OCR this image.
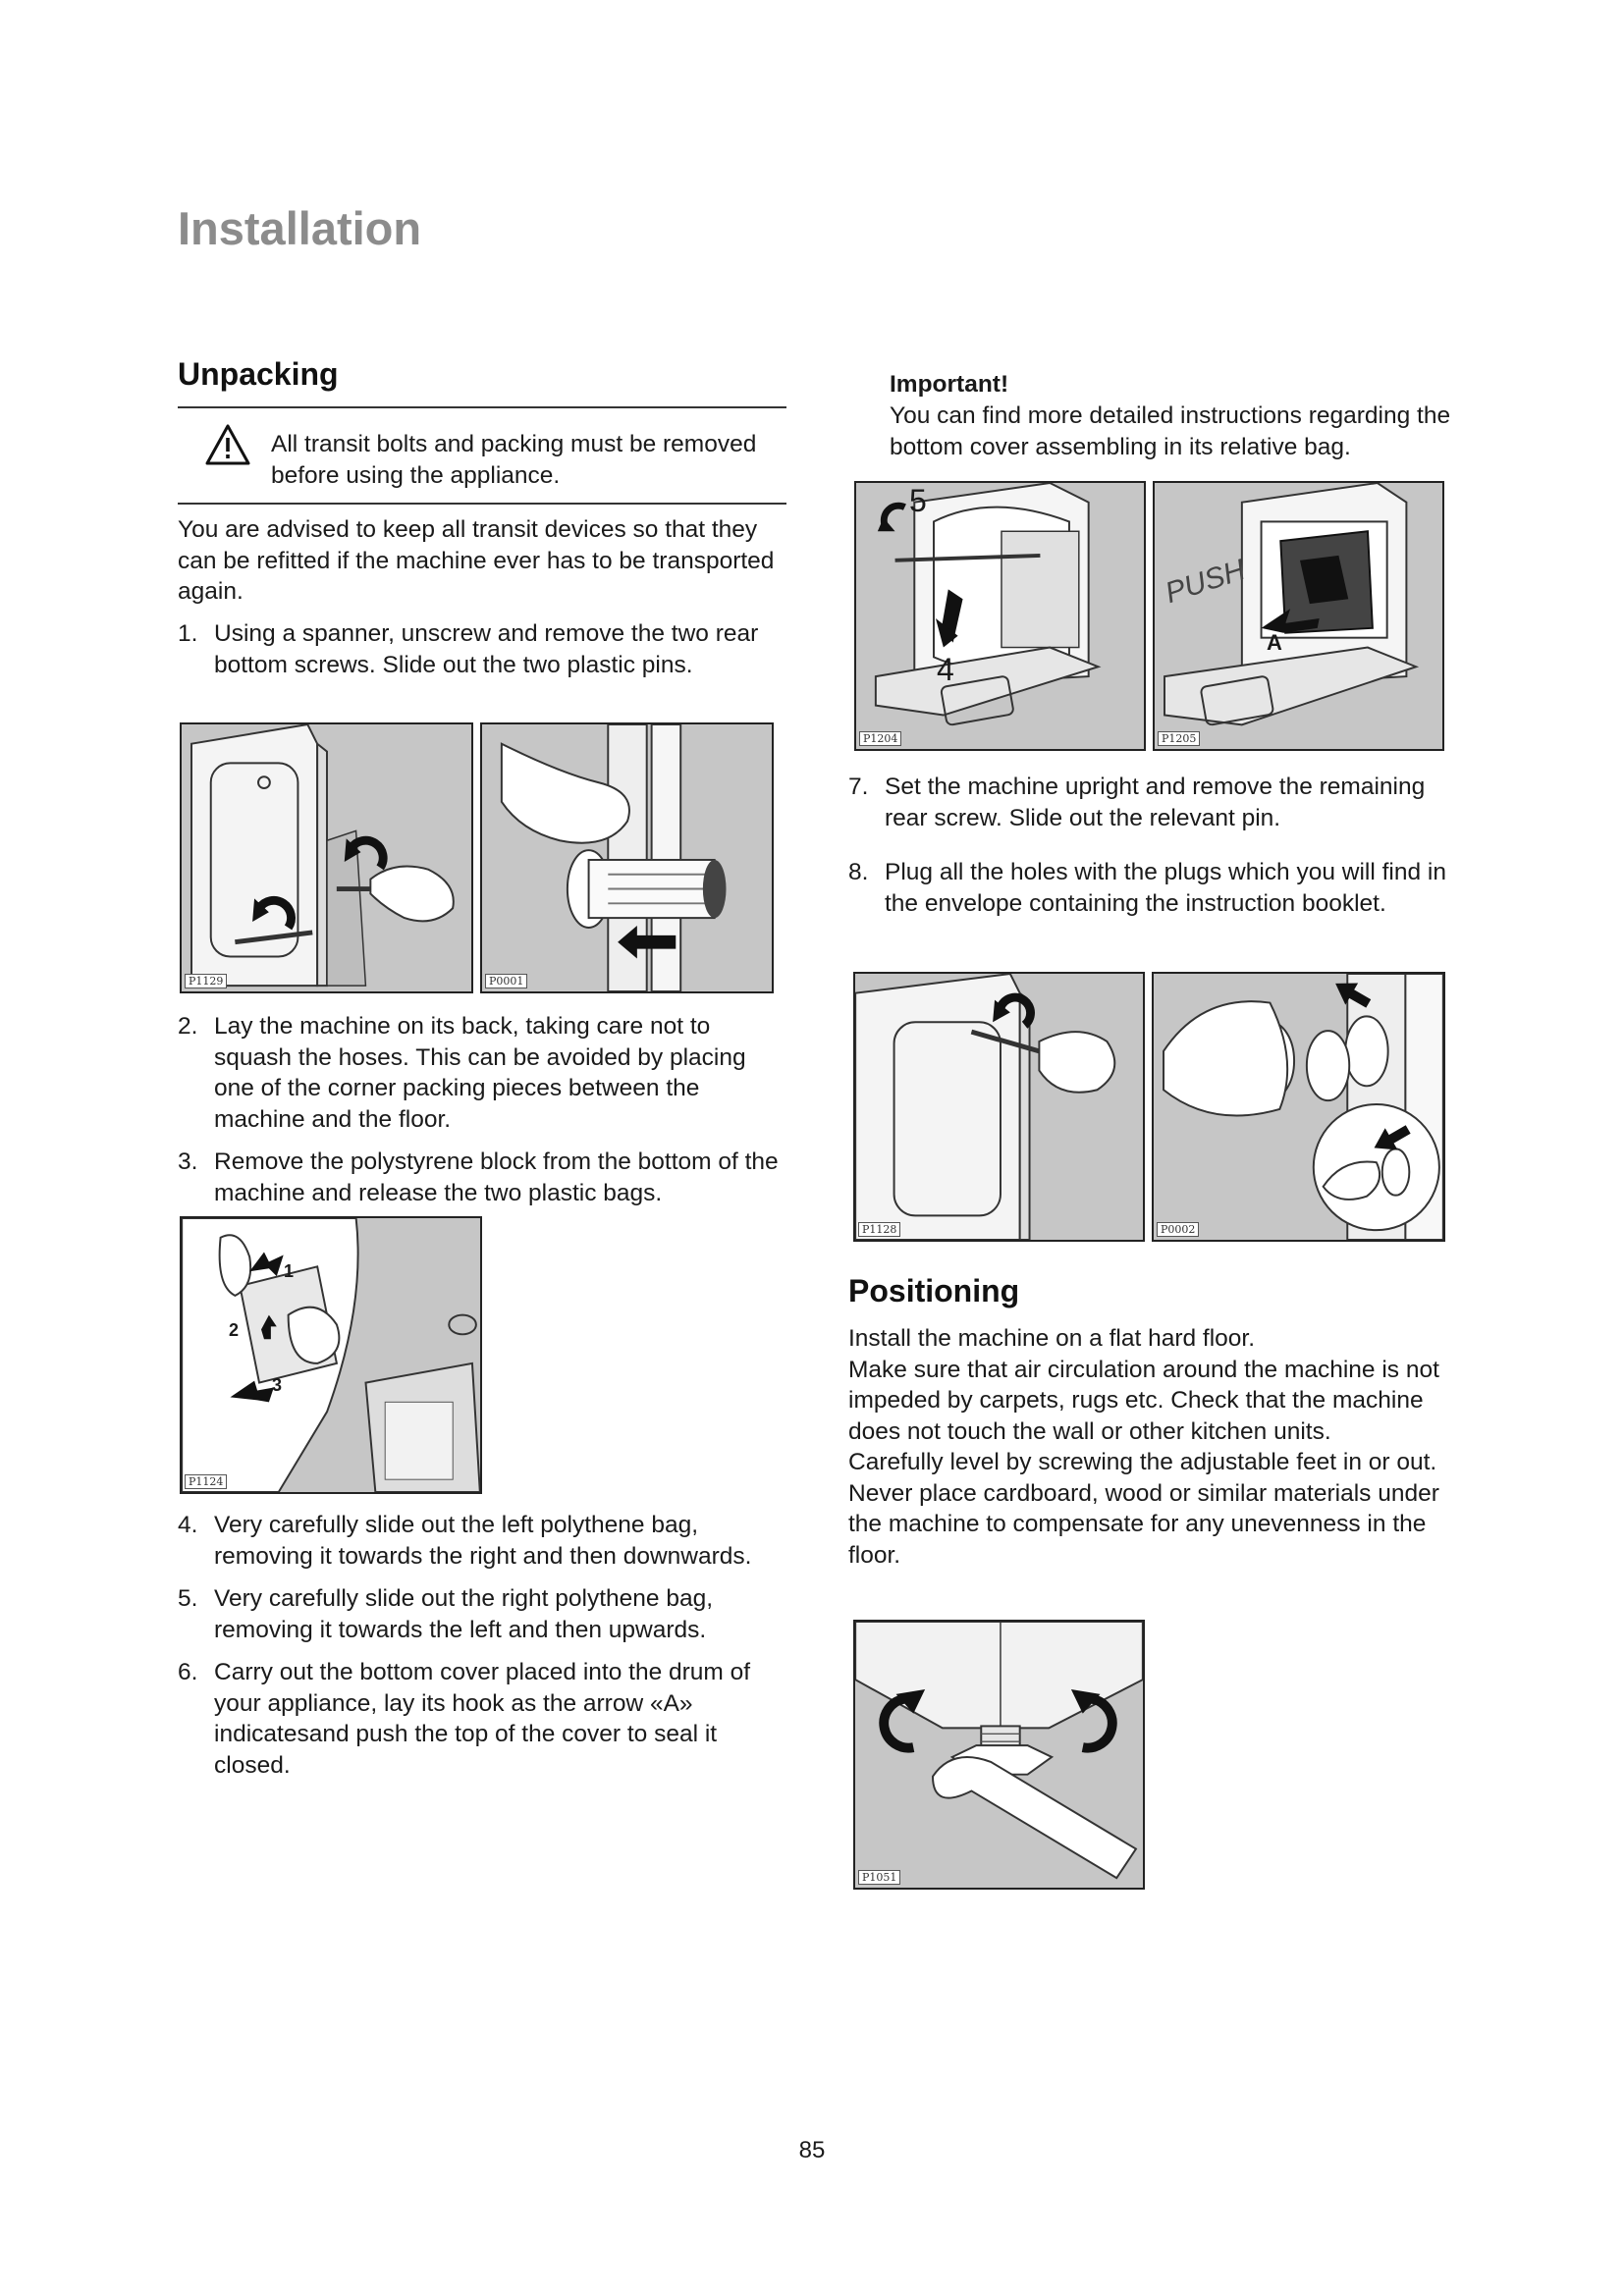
Installation
Unpacking

All transit bolts and packing must be removed before using the appliance.

You are advised to keep all transit devices so that they can be refitted if the machine ever has to be transported again.

1. Using a spanner, unscrew and remove the two rear bottom screws. Slide out the two plastic pins.
P1129	P0001
2. Lay the machine on its back, taking care not to squash the hoses. This can be avoided by placing one of the corner packing pieces between the machine and the floor.
3. Remove the polystyrene block from the bottom of the machine and release the two plastic bags.
1
2
3
P1124
4. Very carefully slide out the left polythene bag, removing it towards the right and then downwards.
5. Very carefully slide out the right polythene bag, removing it towards the left and then upwards.
6. Carry out the bottom cover placed into the drum of your appliance, lay its hook as the arrow «A» indicatesand push the top of the cover to seal it closed.

Important!

You can find more detailed instructions regarding the bottom cover assembling in its relative bag.

5
4
P1204
PUSH
A
P1205
7. Set the machine upright and remove the remaining rear screw. Slide out the relevant pin.
8. Plug all the holes with the plugs which you will find in the envelope containing the instruction booklet.
P1128	P0002
Positioning

Install the machine on a flat hard floor.

Make sure that air circulation around the machine is not impeded by carpets, rugs etc. Check that the machine does not touch the wall or other kitchen units.

Carefully level by screwing the adjustable feet in or out. Never place cardboard, wood or similar materials under the machine to compensate for any unevenness in the floor.

P1051
85
